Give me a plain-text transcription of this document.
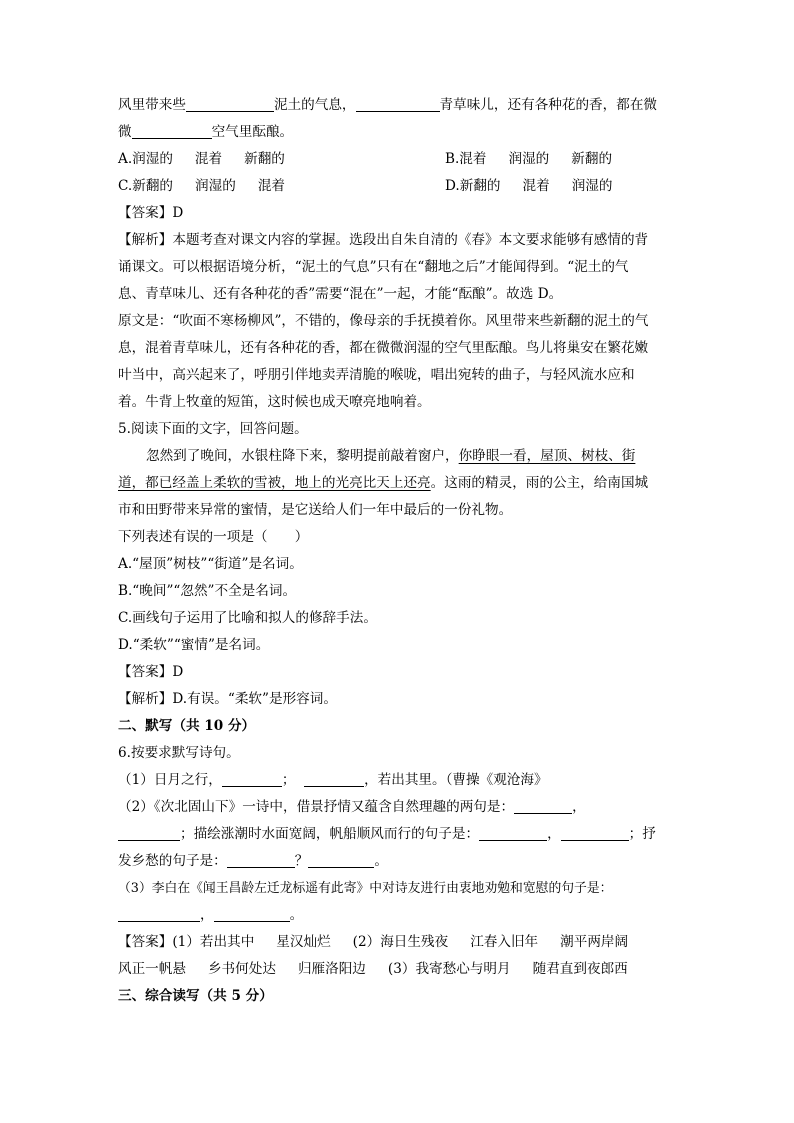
风里带来些	泥土的气息，	青草味儿，还有各种花的香，都在微
微	空气里酝酿。
A.润湿的 混着 新翻的	B.混着 润湿的 新翻的
C.新翻的 润湿的 混着	D.新翻的 混着 润湿的
【答案】D
【解析】本题考查对课文内容的掌握。选段出自朱自清的《春》本文要求能够有感情的背
诵课文。可以根据语境分析，“泥土的气息”只有在“翻地之后”才能闻得到。“泥土的气
息、青草味儿、还有各种花的香”需要“混在”一起，才能“酝酿”。故选 D。
原文是：“吹面不寒杨柳风”，不错的，像母亲的手抚摸着你。风里带来些新翻的泥土的气
息，混着青草味儿，还有各种花的香，都在微微润湿的空气里酝酿。鸟儿将巢安在繁花嫩
叶当中，高兴起来了，呼朋引伴地卖弄清脆的喉咙，唱出宛转的曲子，与轻风流水应和
着。牛背上牧童的短笛，这时候也成天嘹亮地响着。
5.阅读下面的文字，回答问题。
忽然到了晚间，水银柱降下来，黎明提前敲着窗户，你睁眼一看，屋顶、树枝、街
道，都已经盖上柔软的雪被，地上的光亮比天上还亮。这雨的精灵，雨的公主，给南国城
市和田野带来异常的蜜情，是它送给人们一年中最后的一份礼物。
下列表述有误的一项是（　　）
A.“屋顶”树枝”“街道”是名词。
B.“晚间”“忽然”不全是名词。
C.画线句子运用了比喻和拟人的修辞手法。
D.“柔软”“蜜情”是名词。
【答案】D
【解析】D.有误。“柔软”是形容词。
二、默写（共 10 分）
6.按要求默写诗句。
（1）日月之行，	；	，若出其里。（曹操《观沧海》
（2）《次北固山下》一诗中，借景抒情又蕴含自然理趣的两句是：	，
；描绘涨潮时水面宽阔，帆船顺风而行的句子是：	，	；抒
发乡愁的句子是：	？	。
（3）李白在《闻王昌龄左迁龙标遥有此寄》中对诗友进行由衷地劝勉和宽慰的句子是：
，	。
【答案】(1）若出其中 星汉灿烂 (2）海日生残夜 江春入旧年 潮平两岸阔
风正一帆悬 乡书何处达 归雁洛阳边 (3）我寄愁心与明月 随君直到夜郎西
三、综合读写（共 5 分）
